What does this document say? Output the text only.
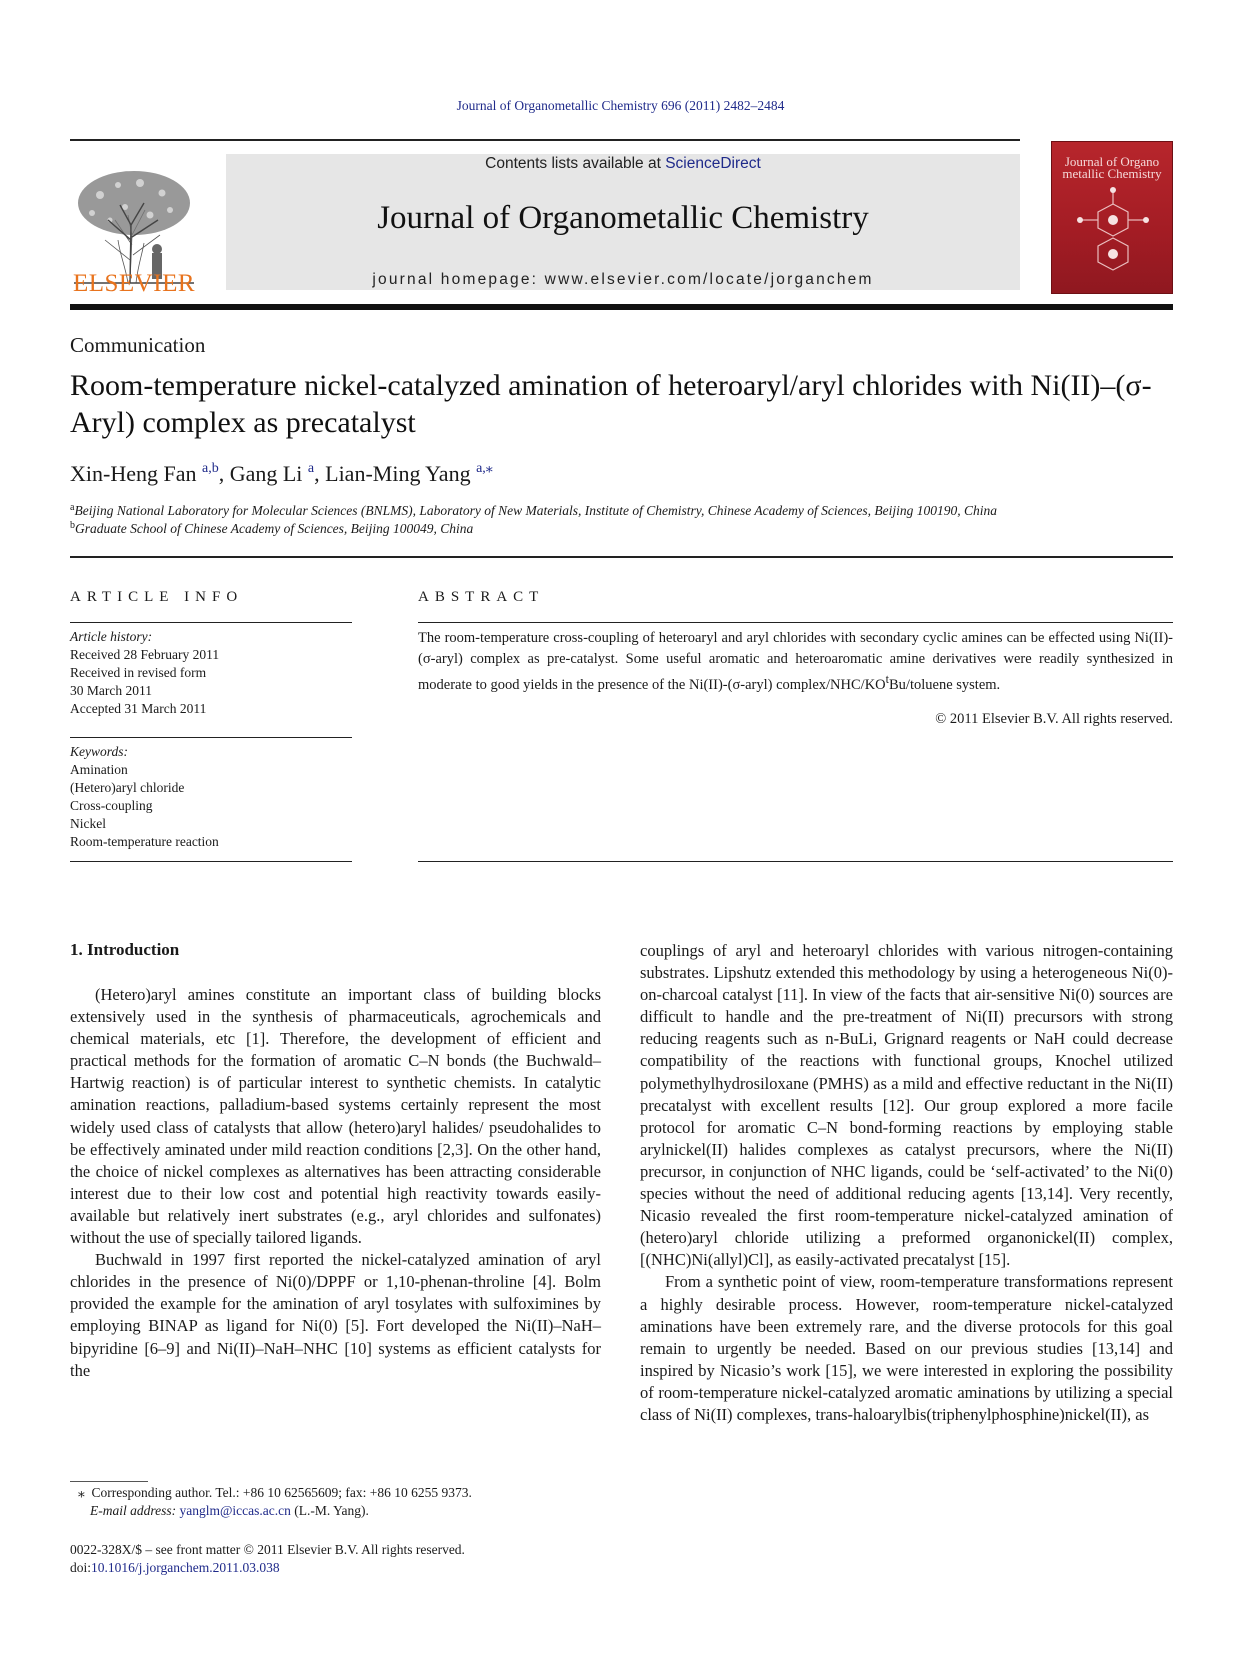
Journal of Organometallic Chemistry 696 (2011) 2482–2484
ELSEVIER
Contents lists available at ScienceDirect
Journal of Organometallic Chemistry
journal homepage: www.elsevier.com/locate/jorganchem
Journal of Organo metallic Chemistry
Communication
Room-temperature nickel-catalyzed amination of heteroaryl/aryl chlorides with Ni(II)–(σ-Aryl) complex as precatalyst
Xin-Heng Fan $^{a,b}$, Gang Li $^a$, Lian-Ming Yang $^{a,⁎}$
$^a$Beijing National Laboratory for Molecular Sciences (BNLMS), Laboratory of New Materials, Institute of Chemistry, Chinese Academy of Sciences, Beijing 100190, China
$^b$Graduate School of Chinese Academy of Sciences, Beijing 100049, China
ARTICLE INFO	ABSTRACT
Article history:
Received 28 February 2011
Received in revised form
30 March 2011
Accepted 31 March 2011
Keywords:
Amination
(Hetero)aryl chloride
Cross-coupling
Nickel
Room-temperature reaction
The room-temperature cross-coupling of heteroaryl and aryl chlorides with secondary cyclic amines can be effected using Ni(II)-(σ-aryl) complex as pre-catalyst. Some useful aromatic and heteroaromatic amine derivatives were readily synthesized in moderate to good yields in the presence of the Ni(II)-(σ-aryl) complex/$NHC/KO^tBu$/toluene system.
© 2011 Elsevier B.V. All rights reserved.
1. Introduction

(Hetero)aryl amines constitute an important class of building blocks extensively used in the synthesis of pharmaceuticals, agrochemicals and chemical materials, etc [1]. Therefore, the development of efficient and practical methods for the formation of aromatic C–N bonds (the Buchwald–Hartwig reaction) is of particular interest to synthetic chemists. In catalytic amination reactions, palladium-based systems certainly represent the most widely used class of catalysts that allow (hetero)aryl halides/ pseudohalides to be effectively aminated under mild reaction conditions [2,3]. On the other hand, the choice of nickel complexes as alternatives has been attracting considerable interest due to their low cost and potential high reactivity towards easily-available but relatively inert substrates (e.g., aryl chlorides and sulfonates) without the use of specially tailored ligands.

Buchwald in 1997 first reported the nickel-catalyzed amination of aryl chlorides in the presence of Ni(0)/DPPF or 1,10-phenan-throline [4]. Bolm provided the example for the amination of aryl tosylates with sulfoximines by employing BINAP as ligand for Ni(0) [5]. Fort developed the Ni(II)–NaH–bipyridine [6–9] and Ni(II)–NaH–NHC [10] systems as efficient catalysts for the

couplings of aryl and heteroaryl chlorides with various nitrogen-containing substrates. Lipshutz extended this methodology by using a heterogeneous Ni(0)-on-charcoal catalyst [11]. In view of the facts that air-sensitive Ni(0) sources are difficult to handle and the pre-treatment of Ni(II) precursors with strong reducing reagents such as n-BuLi, Grignard reagents or NaH could decrease compatibility of the reactions with functional groups, Knochel utilized polymethylhydrosiloxane (PMHS) as a mild and effective reductant in the Ni(II) precatalyst with excellent results [12]. Our group explored a more facile protocol for aromatic C–N bond-forming reactions by employing stable arylnickel(II) halides complexes as catalyst precursors, where the Ni(II) precursor, in conjunction of NHC ligands, could be ‘self-activated’ to the Ni(0) species without the need of additional reducing agents [13,14]. Very recently, Nicasio revealed the first room-temperature nickel-catalyzed amination of (hetero)aryl chloride utilizing a preformed organonickel(II) complex, [(NHC)Ni(allyl)Cl], as easily-activated precatalyst [15].

From a synthetic point of view, room-temperature transformations represent a highly desirable process. However, room-temperature nickel-catalyzed aminations have been extremely rare, and the diverse protocols for this goal remain to urgently be needed. Based on our previous studies [13,14] and inspired by Nicasio’s work [15], we were interested in exploring the possibility of room-temperature nickel-catalyzed aromatic aminations by utilizing a special class of Ni(II) complexes, trans-haloarylbis(triphenylphosphine)nickel(II), as

⁎ Corresponding author. Tel.: +86 10 62565609; fax: +86 10 6255 9373.
E-mail address: yanglm@iccas.ac.cn (L.-M. Yang).
0022-328X/$ – see front matter © 2011 Elsevier B.V. All rights reserved.
doi:10.1016/j.jorganchem.2011.03.038
